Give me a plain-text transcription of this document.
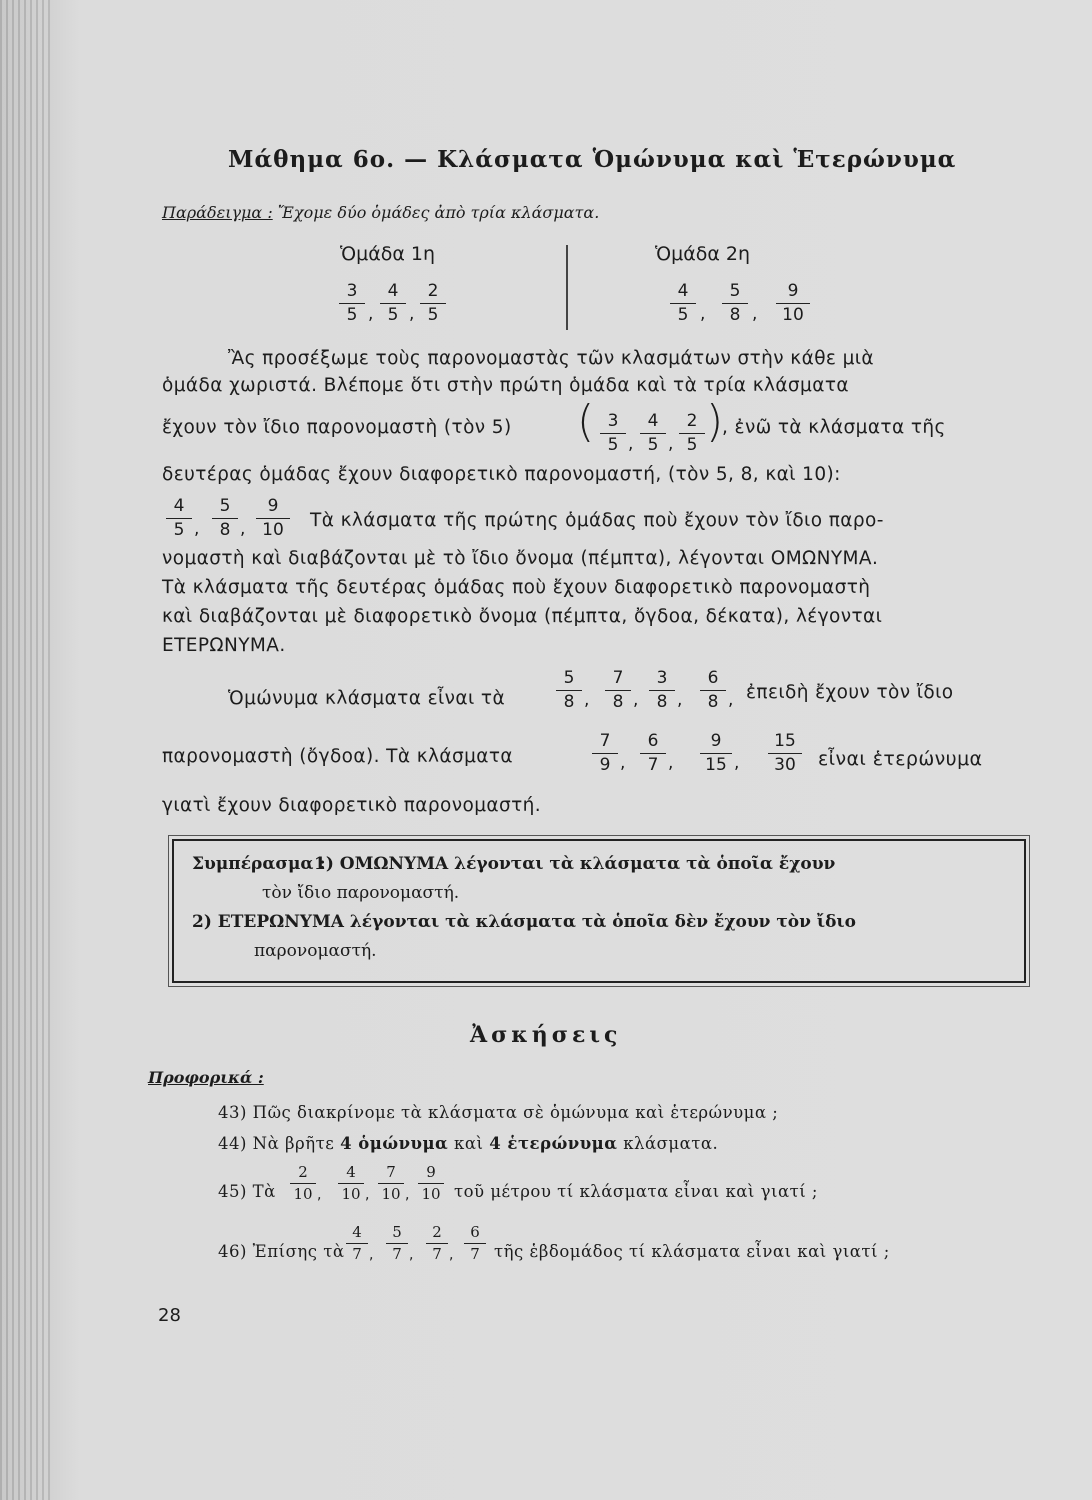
Μάθημα 6ο. — Κλάσματα Ὁμώνυμα καὶ Ἑτερώνυμα
Παράδειγμα : Ἔχομε δύο ὁμάδες ἀπὸ τρία κλάσματα.
Ὁμάδα 1η	Ὁμάδα 2η
$\frac{3}{5}$ , $\frac{4}{5}$ , $\frac{2}{5}$	$\frac{4}{5}$ , $\frac{5}{8}$ , $\frac{9}{10}$
Ἂς προσέξωμε τοὺς παρονομαστὰς τῶν κλασμάτων στὴν κάθε μιὰ
ὁμάδα χωριστά. Βλέπομε ὅτι στὴν πρώτη ὁμάδα καὶ τὰ τρία κλάσματα
ἔχουν τὸν ἴδιο παρονομαστὴ (τὸν 5) ( $\frac{3}{5}$ , $\frac{4}{5}$ , $\frac{2}{5}$ )
, ἐνῶ τὰ κλάσματα τῆς
δευτέρας ὁμάδας ἔχουν διαφορετικὸ παρονομαστή, (τὸν 5, 8, καὶ 10):
$\frac{4}{5}$ , $\frac{5}{8}$ , $\frac{9}{10}$ Τὰ κλάσματα τῆς πρώτης ὁμάδας ποὺ ἔχουν τὸν ἴδιο παρο-
νομαστὴ καὶ διαβάζονται μὲ τὸ ἴδιο ὄνομα (πέμπτα), λέγονται ΟΜΩΝΥΜΑ.
Τὰ κλάσματα τῆς δευτέρας ὁμάδας ποὺ ἔχουν διαφορετικὸ παρονομαστὴ
καὶ διαβάζονται μὲ διαφορετικὸ ὄνομα (πέμπτα, ὄγδοα, δέκατα), λέγονται
ΕΤΕΡΩΝΥΜΑ.
Ὁμώνυμα κλάσματα εἶναι τὰ	$\frac{5}{8}$ , $\frac{7}{8}$ , $\frac{3}{8}$ , $\frac{6}{8}$ , ἐπειδὴ ἔχουν τὸν ἴδιο
παρονομαστὴ (ὄγδοα). Τὰ κλάσματα	$\frac{7}{9}$ , $\frac{6}{7}$ , $\frac{9}{15}$ , $\frac{15}{30}$ εἶναι ἑτερώνυμα
γιατὶ ἔχουν διαφορετικὸ παρονομαστή.
Συμπέρασμα :
1) ΟΜΩΝΥΜΑ λέγονται τὰ κλάσματα τὰ ὁποῖα ἔχουν
τὸν ἴδιο παρονομαστή.
2) ΕΤΕΡΩΝΥΜΑ λέγονται τὰ κλάσματα τὰ ὁποῖα δὲν ἔχουν τὸν ἴδιο
παρονομαστή.
Ἀσκήσεις
Προφορικά :
43) Πῶς διακρίνομε τὰ κλάσματα σὲ ὁμώνυμα καὶ ἑτερώνυμα ;
44) Νὰ βρῆτε 4 ὁμώνυμα καὶ 4 ἑτερώνυμα κλάσματα.
45) Τὰ
2
10 ,
4
10 ,
7
10 ,
9
10 τοῦ μέτρου τί κλάσματα εἶναι καὶ γιατί ;
46) Ἐπίσης τὰ
4
7 ,
5
7 ,
2
7 ,
6
7 τῆς ἑβδομάδος τί κλάσματα εἶναι καὶ γιατί ;
28
